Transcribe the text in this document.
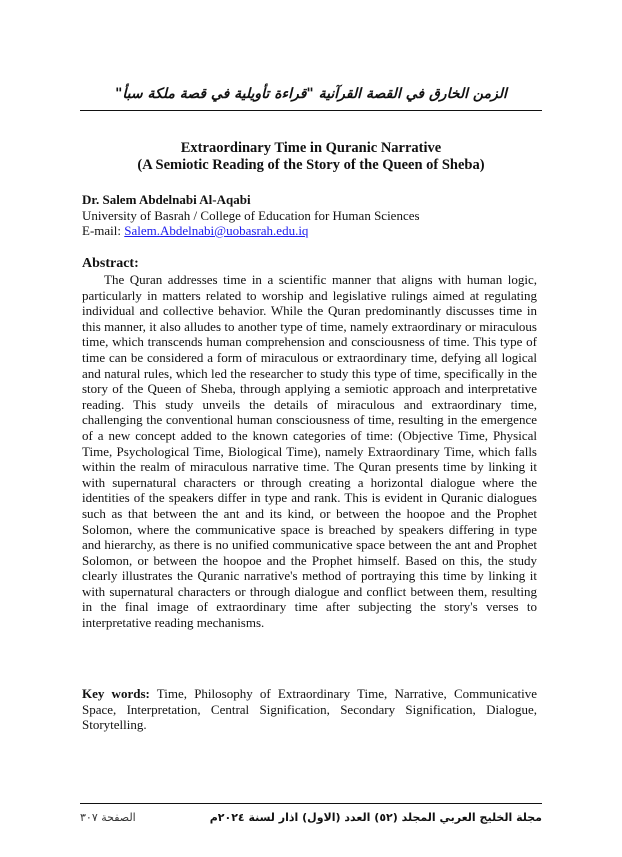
الزمن الخارق في القصة القرآنية "قراءة تأويلية في قصة ملكة سبأ"
Extraordinary Time in Quranic Narrative
(A Semiotic Reading of the Story of the Queen of Sheba)
Dr. Salem Abdelnabi Al-Aqabi
University of Basrah / College of Education for Human Sciences
E-mail: Salem.Abdelnabi@uobasrah.edu.iq
Abstract:
The Quran addresses time in a scientific manner that aligns with human logic, particularly in matters related to worship and legislative rulings aimed at regulating individual and collective behavior. While the Quran predominantly discusses time in this manner, it also alludes to another type of time, namely extraordinary or miraculous time, which transcends human comprehension and consciousness of time. This type of time can be considered a form of miraculous or extraordinary time, defying all logical and natural rules, which led the researcher to study this type of time, specifically in the story of the Queen of Sheba, through applying a semiotic approach and interpretative reading. This study unveils the details of miraculous and extraordinary time, challenging the conventional human consciousness of time, resulting in the emergence of a new concept added to the known categories of time: (Objective Time, Physical Time, Psychological Time, Biological Time), namely Extraordinary Time, which falls within the realm of miraculous narrative time. The Quran presents time by linking it with supernatural characters or through creating a horizontal dialogue where the identities of the speakers differ in type and rank. This is evident in Quranic dialogues such as that between the ant and its kind, or between the hoopoe and the Prophet Solomon, where the communicative space is breached by speakers differing in type and hierarchy, as there is no unified communicative space between the ant and Prophet Solomon, or between the hoopoe and the Prophet himself. Based on this, the study clearly illustrates the Quranic narrative's method of portraying this time by linking it with supernatural characters or through dialogue and conflict between them, resulting in the final image of extraordinary time after subjecting the story's verses to interpretative reading mechanisms.
Key words: Time, Philosophy of Extraordinary Time, Narrative, Communicative Space, Interpretation, Central Signification, Secondary Signification, Dialogue, Storytelling.
مجلة الخليج العربي المجلد (٥٢) العدد (الاول) اذار لسنة ٢٠٢٤م
الصفحة ٣٠٧
